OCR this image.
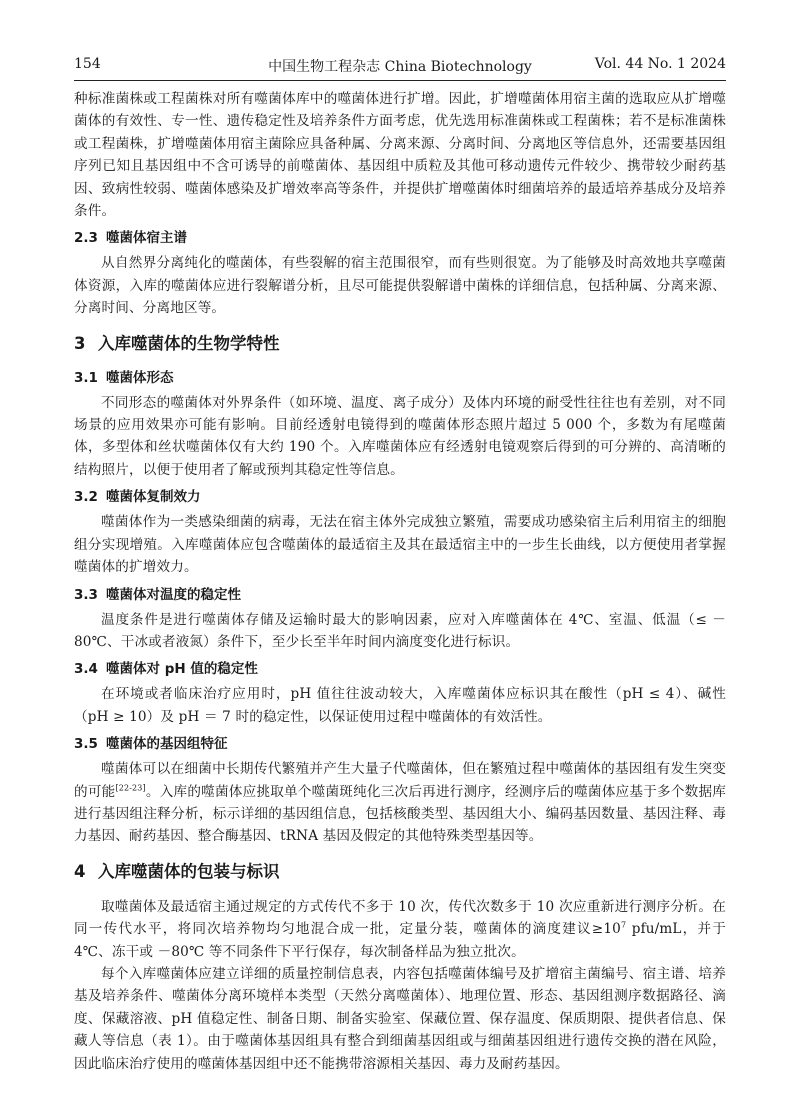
154	中国生物工程杂志 China Biotechnology	Vol. 44 No. 1 2024

种标准菌株或工程菌株对所有噬菌体库中的噬菌体进行扩增。因此，扩增噬菌体用宿主菌的选取应从扩增噬菌体的有效性、专一性、遗传稳定性及培养条件方面考虑，优先选用标准菌株或工程菌株；若不是标准菌株或工程菌株，扩增噬菌体用宿主菌除应具备种属、分离来源、分离时间、分离地区等信息外，还需要基因组序列已知且基因组中不含可诱导的前噬菌体、基因组中质粒及其他可移动遗传元件较少、携带较少耐药基因、致病性较弱、噬菌体感染及扩增效率高等条件，并提供扩增噬菌体时细菌培养的最适培养基成分及培养条件。

2.3 噬菌体宿主谱

从自然界分离纯化的噬菌体，有些裂解的宿主范围很窄，而有些则很宽。为了能够及时高效地共享噬菌体资源，入库的噬菌体应进行裂解谱分析，且尽可能提供裂解谱中菌株的详细信息，包括种属、分离来源、分离时间、分离地区等。

3 入库噬菌体的生物学特性
3.1 噬菌体形态

不同形态的噬菌体对外界条件（如环境、温度、离子成分）及体内环境的耐受性往往也有差别，对不同场景的应用效果亦可能有影响。目前经透射电镜得到的噬菌体形态照片超过 5 000 个，多数为有尾噬菌体，多型体和丝状噬菌体仅有大约 190 个。入库噬菌体应有经透射电镜观察后得到的可分辨的、高清晰的结构照片，以便于使用者了解或预判其稳定性等信息。

3.2 噬菌体复制效力

噬菌体作为一类感染细菌的病毒，无法在宿主体外完成独立繁殖，需要成功感染宿主后利用宿主的细胞组分实现增殖。入库噬菌体应包含噬菌体的最适宿主及其在最适宿主中的一步生长曲线，以方便使用者掌握噬菌体的扩增效力。

3.3 噬菌体对温度的稳定性

温度条件是进行噬菌体存储及运输时最大的影响因素，应对入库噬菌体在 4℃、室温、低温（≤ －80℃、干冰或者液氮）条件下，至少长至半年时间内滴度变化进行标识。

3.4 噬菌体对 pH 值的稳定性

在环境或者临床治疗应用时，pH 值往往波动较大，入库噬菌体应标识其在酸性（pH ≤ 4）、碱性（pH ≥ 10）及 pH ＝ 7 时的稳定性，以保证使用过程中噬菌体的有效活性。

3.5 噬菌体的基因组特征

噬菌体可以在细菌中长期传代繁殖并产生大量子代噬菌体，但在繁殖过程中噬菌体的基因组有发生突变的可能[22-23]。入库的噬菌体应挑取单个噬菌斑纯化三次后再进行测序，经测序后的噬菌体应基于多个数据库进行基因组注释分析，标示详细的基因组信息，包括核酸类型、基因组大小、编码基因数量、基因注释、毒力基因、耐药基因、整合酶基因、tRNA 基因及假定的其他特殊类型基因等。

4 入库噬菌体的包装与标识

取噬菌体及最适宿主通过规定的方式传代不多于 10 次，传代次数多于 10 次应重新进行测序分析。在同一传代水平，将同次培养物均匀地混合成一批，定量分装，噬菌体的滴度建议$\ge 10^7$ pfu/mL，并于 4℃、冻干或 －80℃ 等不同条件下平行保存，每次制备样品为独立批次。

每个入库噬菌体应建立详细的质量控制信息表，内容包括噬菌体编号及扩增宿主菌编号、宿主谱、培养基及培养条件、噬菌体分离环境样本类型（天然分离噬菌体）、地理位置、形态、基因组测序数据路径、滴度、保藏溶液、pH 值稳定性、制备日期、制备实验室、保藏位置、保存温度、保质期限、提供者信息、保藏人等信息（表 1）。由于噬菌体基因组具有整合到细菌基因组或与细菌基因组进行遗传交换的潜在风险，因此临床治疗使用的噬菌体基因组中还不能携带溶源相关基因、毒力及耐药基因。
